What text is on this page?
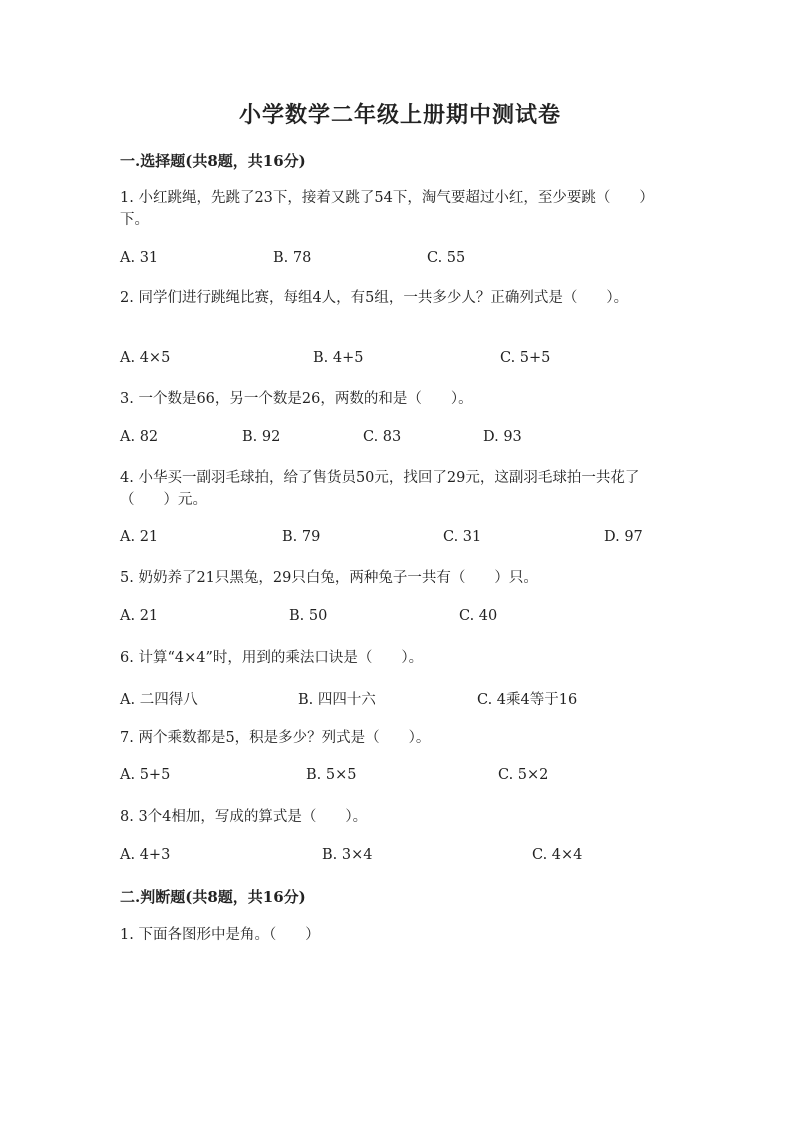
小学数学二年级上册期中测试卷
一.选择题(共8题，共16分)
1. 小红跳绳，先跳了23下，接着又跳了54下，淘气要超过小红，至少要跳（　　）下。
A. 31	B. 78	C. 55
2. 同学们进行跳绳比赛，每组4人，有5组，一共多少人？正确列式是（　　）。
A. 4×5	B. 4+5	C. 5+5
3. 一个数是66，另一个数是26，两数的和是（　　）。
A. 82	B. 92	C. 83	D. 93
4. 小华买一副羽毛球拍，给了售货员50元，找回了29元，这副羽毛球拍一共花了（　　）元。
A. 21	B. 79	C. 31	D. 97
5. 奶奶养了21只黑兔，29只白兔，两种兔子一共有（　　）只。
A. 21	B. 50	C. 40
6. 计算“4×4”时，用到的乘法口诀是（　　）。
A. 二四得八	B. 四四十六	C. 4乘4等于16
7. 两个乘数都是5，积是多少？列式是（　　）。
A. 5+5	B. 5×5	C. 5×2
8. 3个4相加，写成的算式是（　　）。
A. 4+3	B. 3×4	C. 4×4
二.判断题(共8题，共16分)
1. 下面各图形中是角。（　　）
